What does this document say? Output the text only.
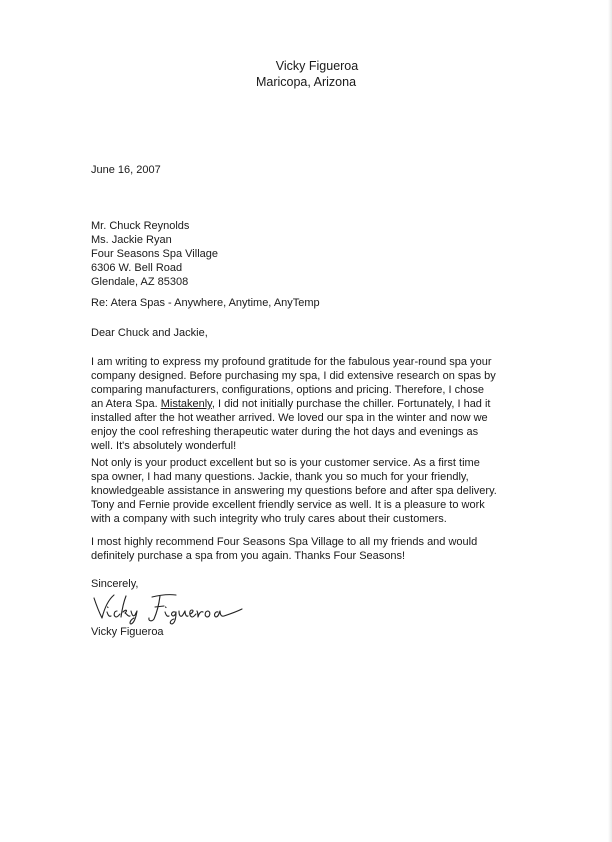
Vicky Figueroa
Maricopa, Arizona
June 16, 2007
Mr. Chuck Reynolds
Ms. Jackie Ryan
Four Seasons Spa Village
6306 W. Bell Road
Glendale, AZ 85308
Re: Atera Spas - Anywhere, Anytime, AnyTemp
Dear Chuck and Jackie,

I am writing to express my profound gratitude for the fabulous year-round spa your

company designed. Before purchasing my spa, I did extensive research on spas by

comparing manufacturers, configurations, options and pricing. Therefore, I chose

an Atera Spa. Mistakenly, I did not initially purchase the chiller. Fortunately, I had it

installed after the hot weather arrived. We loved our spa in the winter and now we

enjoy the cool refreshing therapeutic water during the hot days and evenings as

well. It's absolutely wonderful!

Not only is your product excellent but so is your customer service. As a first time

spa owner, I had many questions. Jackie, thank you so much for your friendly,

knowledgeable assistance in answering my questions before and after spa delivery.

Tony and Fernie provide excellent friendly service as well. It is a pleasure to work

with a company with such integrity who truly cares about their customers.

I most highly recommend Four Seasons Spa Village to all my friends and would

definitely purchase a spa from you again. Thanks Four Seasons!

Sincerely,
Vicky Figueroa
